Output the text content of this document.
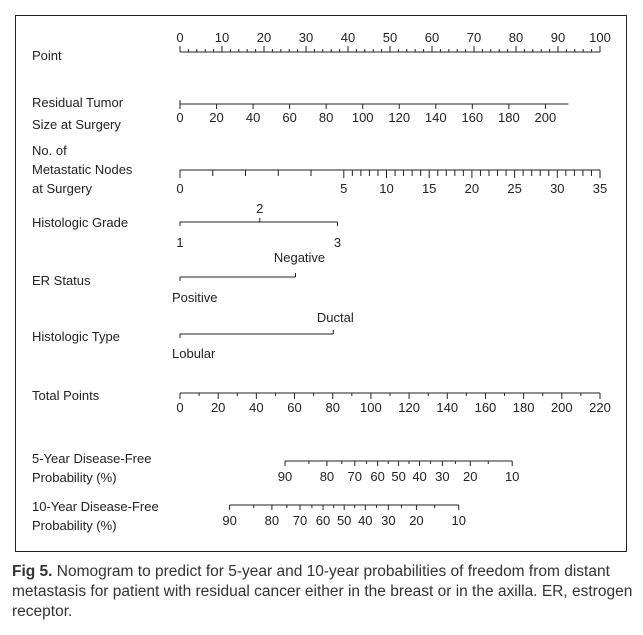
Point
0 10 20 30 40 50 60 70 80 90 100
Residual Tumor
Size at Surgery	0 20 40 60 80 100 120 140 160 180 200
No. of
Metastatic Nodes
at Surgery	0	5 10 15 20 25 30 35
Histologic Grade
1
2
3
ER Status
Positive
Negative
Histologic Type
Lobular
Ductal
Total Points
0 20 40 60 80 100 120 140 160 180 200 220
5-Year Disease-Free
Probability (%)	90 80 70 60 50 40 30 20 10
10-Year Disease-Free
Probability (%)	90 80 70 60 50 40 30 20 10
Fig 5. Nomogram to predict for 5-year and 10-year probabilities of freedom from distant metastasis for patient with residual cancer either in the breast or in the axilla. ER, estrogen receptor.
